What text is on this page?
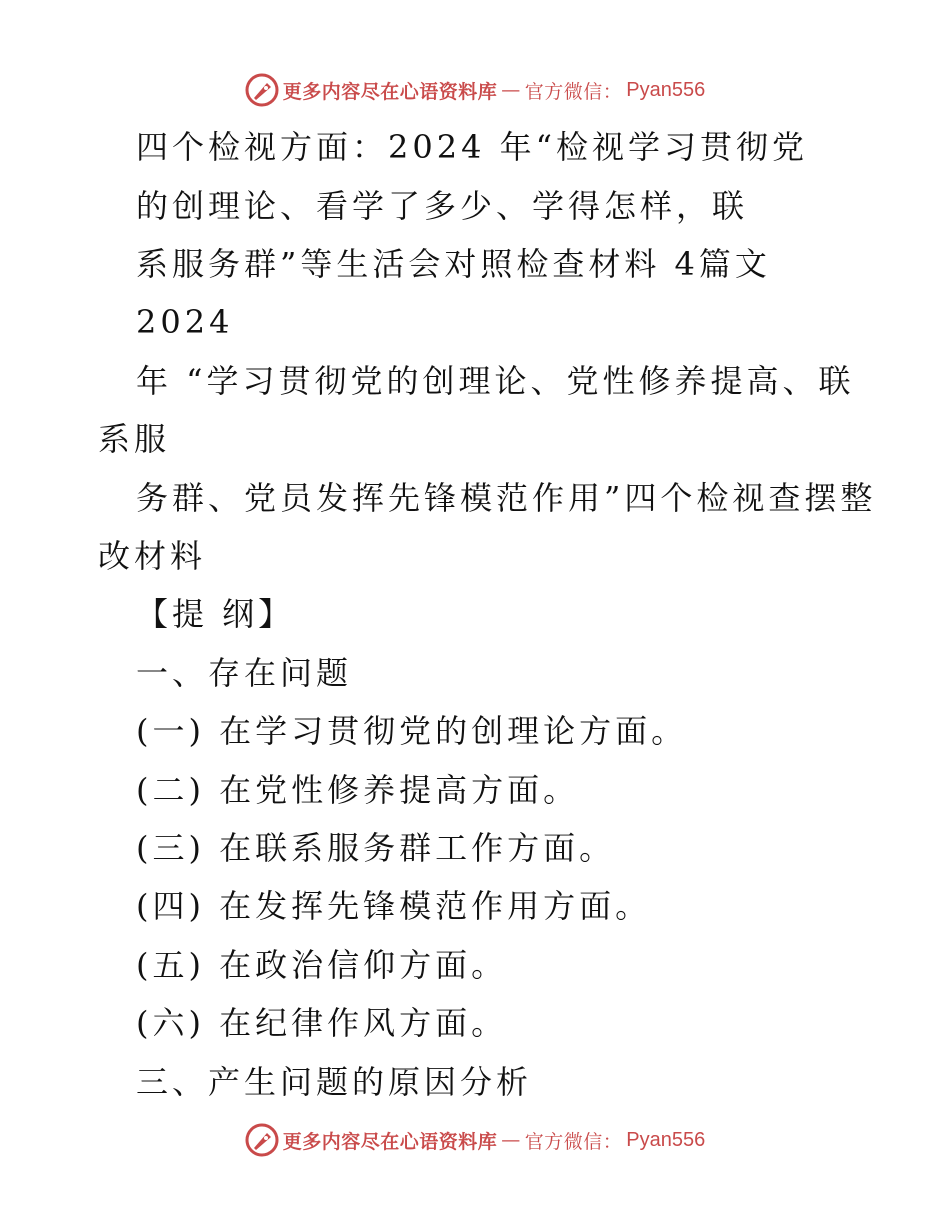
更多内容尽在心语资料库 — 官方微信： Pyan556
四个检视方面：2024 年“检视学习贯彻党
的创理论、看学了多少、学得怎样，联
系服务群”等生活会对照检查材料 4篇文
2024
年 “学习贯彻党的创理论、党性修养提高、联
系服
务群、党员发挥先锋模范作用”四个检视查摆整
改材料
【提 纲】
一、存在问题
(一) 在学习贯彻党的创理论方面。
(二) 在党性修养提高方面。
(三) 在联系服务群工作方面。
(四) 在发挥先锋模范作用方面。
(五) 在政治信仰方面。
(六) 在纪律作风方面。
三、产生问题的原因分析
更多内容尽在心语资料库 — 官方微信： Pyan556
